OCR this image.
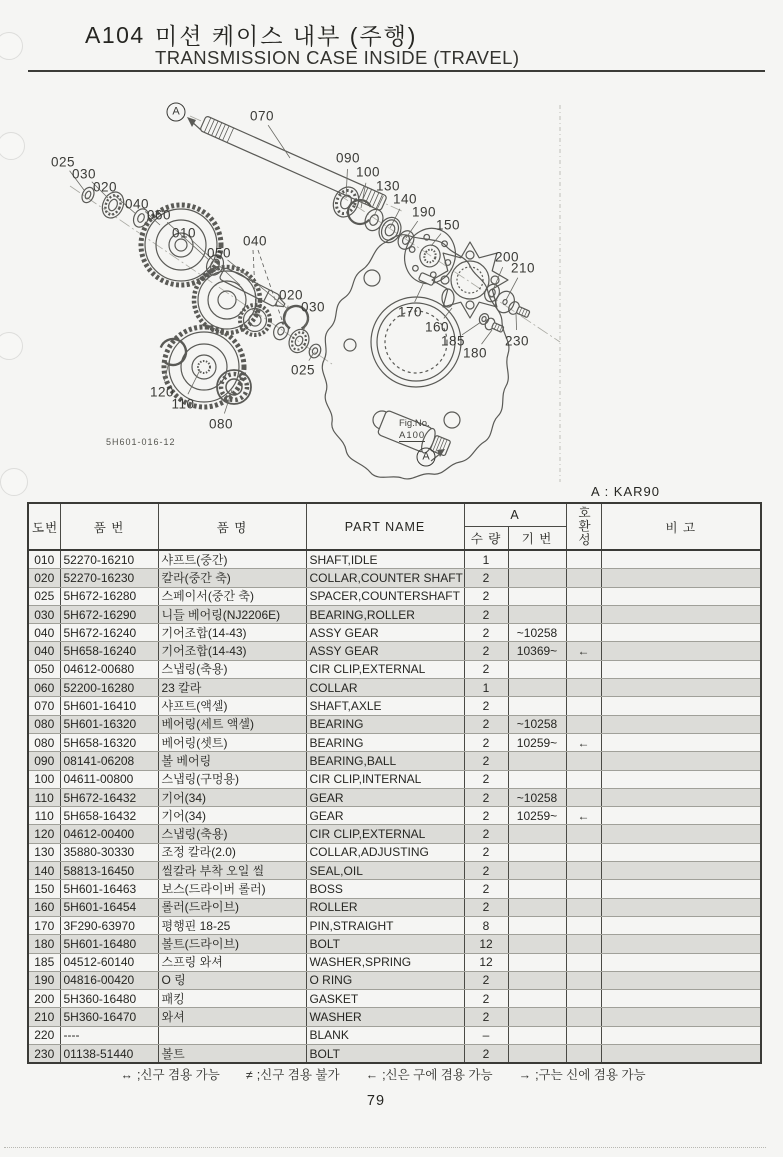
A104 미션 케이스 내부 (주행)
TRANSMISSION CASE INSIDE (TRAVEL)
A	070
025
030
020
040
060
010
050
040
090
100
130
140
190
150
200
210
170
160
185
180
230
020
030
025
120
110
080
A
Fig.No.
A100
5H601-016-12
A : KAR90
도번	품 번	품 명	PART NAME	A		호환성	비 고
				수 량	기 번		
010	52270-16210	샤프트(중간)	SHAFT,IDLE	1			
020	52270-16230	칼라(중간 축)	COLLAR,COUNTER SHAFT	2			
025	5H672-16280	스페이서(중간 축)	SPACER,COUNTERSHAFT	2			
030	5H672-16290	니들 베어링(NJ2206E)	BEARING,ROLLER	2			
040	5H672-16240	기어조합(14-43)	ASSY GEAR	2	~10258		
040	5H658-16240	기어조합(14-43)	ASSY GEAR	2	10369~	←	
050	04612-00680	스냅링(축용)	CIR CLIP,EXTERNAL	2			
060	52200-16280	23 칼라	COLLAR	1			
070	5H601-16410	샤프트(액셀)	SHAFT,AXLE	2			
080	5H601-16320	베어링(세트 액셀)	BEARING	2	~10258		
080	5H658-16320	베어링(셋트)	BEARING	2	10259~	←	
090	08141-06208	볼 베어링	BEARING,BALL	2			
100	04611-00800	스냅링(구멍용)	CIR CLIP,INTERNAL	2			
110	5H672-16432	기어(34)	GEAR	2	~10258		
110	5H658-16432	기어(34)	GEAR	2	10259~	←	
120	04612-00400	스냅링(축용)	CIR CLIP,EXTERNAL	2			
130	35880-30330	조정 칼라(2.0)	COLLAR,ADJUSTING	2			
140	58813-16450	씰칼라 부착 오일 씰	SEAL,OIL	2			
150	5H601-16463	보스(드라이버 롤러)	BOSS	2			
160	5H601-16454	롤러(드라이브)	ROLLER	2			
170	3F290-63970	평행핀 18-25	PIN,STRAIGHT	8			
180	5H601-16480	볼트(드라이브)	BOLT	12			
185	04512-60140	스프링 와셔	WASHER,SPRING	12			
190	04816-00420	O 링	O RING	2			
200	5H360-16480	패킹	GASKET	2			
210	5H360-16470	와셔	WASHER	2			
220	----		BLANK	–			
230	01138-51440	볼트	BOLT	2			
↔ ;신구 겸용 가능 ≠ ;신구 겸용 불가 ← ;신은 구에 겸용 가능 → ;구는 신에 겸용 가능
79
